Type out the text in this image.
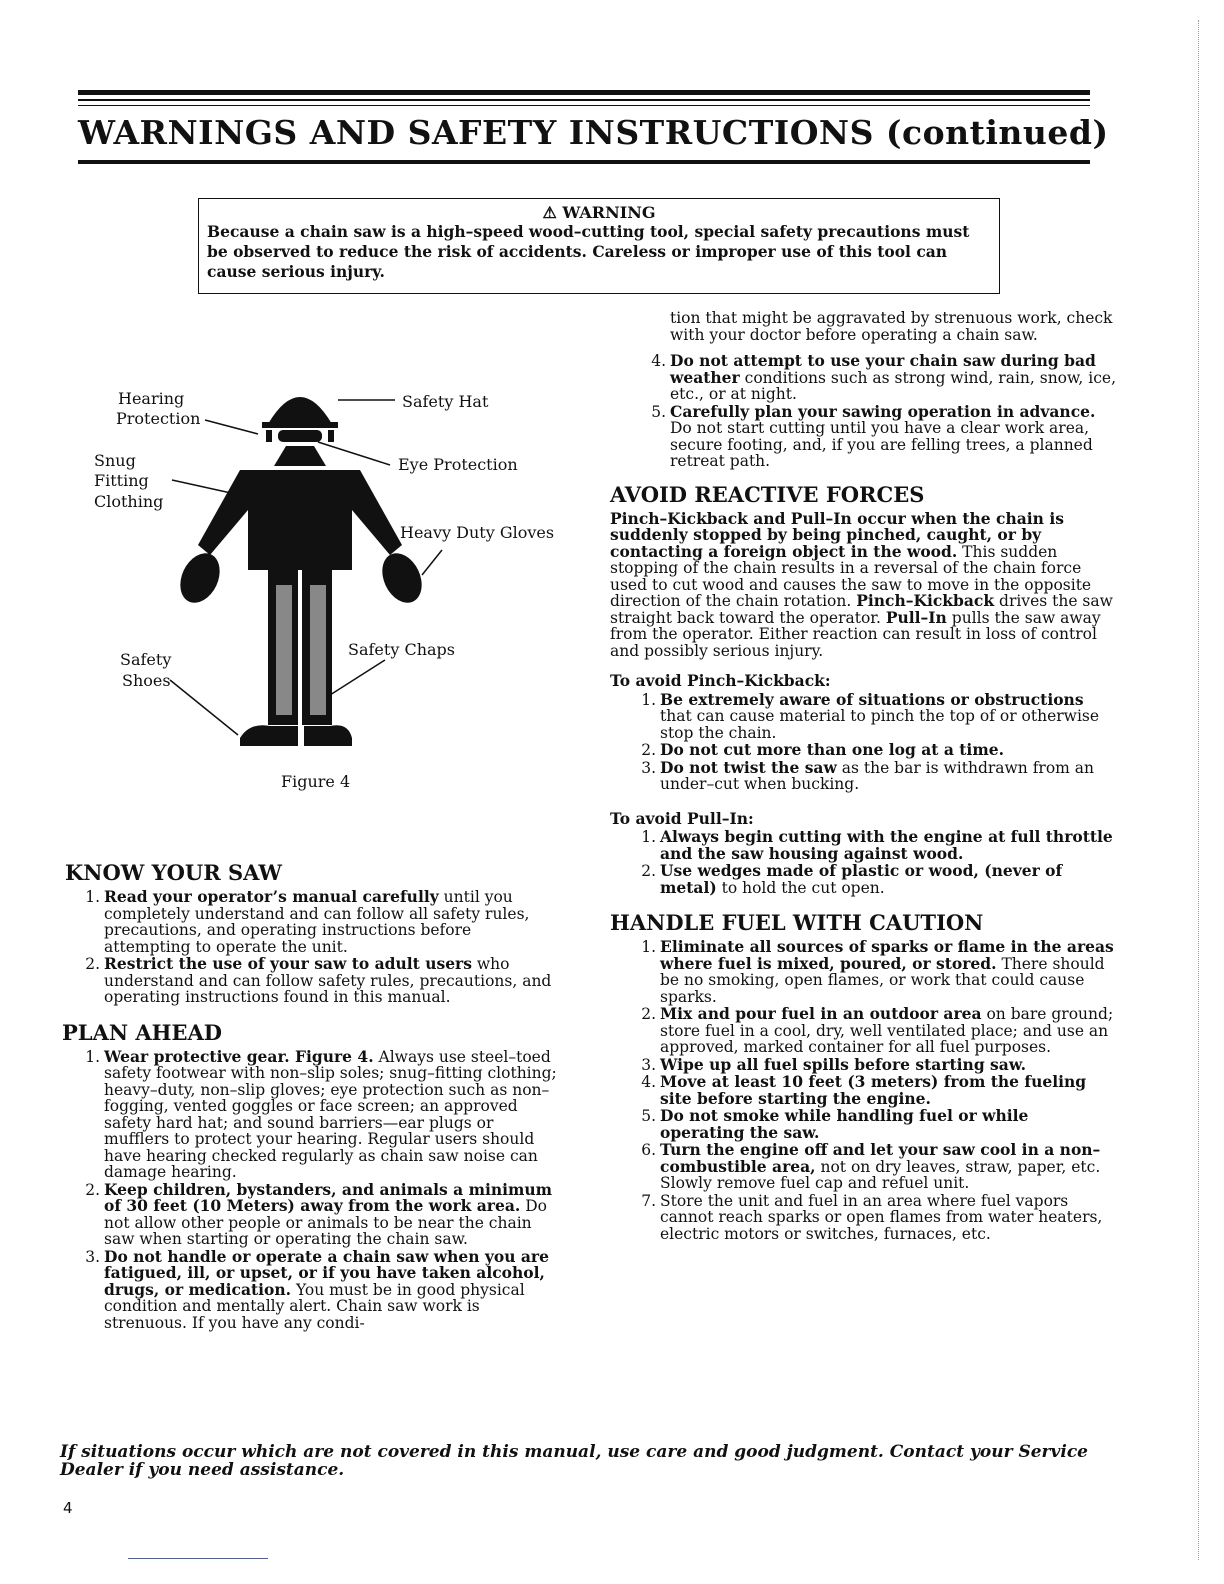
WARNINGS AND SAFETY INSTRUCTIONS (continued)
⚠ WARNING
Because a chain saw is a high–speed wood–cutting tool, special safety precautions must be observed to reduce the risk of accidents. Careless or improper use of this tool can cause serious injury.
Hearing
Protection
Safety Hat
Snug
Fitting
Clothing
Eye Protection
Heavy Duty Gloves
Safety
Shoes
Safety Chaps
Figure 4
KNOW YOUR SAW
1. Read your operator’s manual carefully until you completely understand and can follow all safety rules, precautions, and operating instructions before attempting to operate the unit.
2. Restrict the use of your saw to adult users who understand and can follow safety rules, precautions, and operating instructions found in this manual.
PLAN AHEAD
1. Wear protective gear. Figure 4. Always use steel–toed safety footwear with non–slip soles; snug–fitting clothing; heavy–duty, non–slip gloves; eye protection such as non–fogging, vented goggles or face screen; an approved safety hard hat; and sound barriers—ear plugs or mufflers to protect your hearing. Regular users should have hearing checked regularly as chain saw noise can damage hearing.
2. Keep children, bystanders, and animals a minimum of 30 feet (10 Meters) away from the work area. Do not allow other people or animals to be near the chain saw when starting or operating the chain saw.
3. Do not handle or operate a chain saw when you are fatigued, ill, or upset, or if you have taken alcohol, drugs, or medication. You must be in good physical condition and mentally alert. Chain saw work is strenuous. If you have any condi-
tion that might be aggravated by strenuous work, check with your doctor before operating a chain saw.
4. Do not attempt to use your chain saw during bad weather conditions such as strong wind, rain, snow, ice, etc., or at night.
5. Carefully plan your sawing operation in advance. Do not start cutting until you have a clear work area, secure footing, and, if you are felling trees, a planned retreat path.
AVOID REACTIVE FORCES
Pinch–Kickback and Pull–In occur when the chain is suddenly stopped by being pinched, caught, or by contacting a foreign object in the wood. This sudden stopping of the chain results in a reversal of the chain force used to cut wood and causes the saw to move in the opposite direction of the chain rotation. Pinch–Kickback drives the saw straight back toward the operator. Pull–In pulls the saw away from the operator. Either reaction can result in loss of control and possibly serious injury.
To avoid Pinch–Kickback:
1. Be extremely aware of situations or obstructions that can cause material to pinch the top of or otherwise stop the chain.
2. Do not cut more than one log at a time.
3. Do not twist the saw as the bar is withdrawn from an under–cut when bucking.
To avoid Pull–In:
1. Always begin cutting with the engine at full throttle and the saw housing against wood.
2. Use wedges made of plastic or wood, (never of metal) to hold the cut open.
HANDLE FUEL WITH CAUTION
1. Eliminate all sources of sparks or flame in the areas where fuel is mixed, poured, or stored. There should be no smoking, open flames, or work that could cause sparks.
2. Mix and pour fuel in an outdoor area on bare ground; store fuel in a cool, dry, well ventilated place; and use an approved, marked container for all fuel purposes.
3. Wipe up all fuel spills before starting saw.
4. Move at least 10 feet (3 meters) from the fueling site before starting the engine.
5. Do not smoke while handling fuel or while operating the saw.
6. Turn the engine off and let your saw cool in a non–combustible area, not on dry leaves, straw, paper, etc. Slowly remove fuel cap and refuel unit.
7. Store the unit and fuel in an area where fuel vapors cannot reach sparks or open flames from water heaters, electric motors or switches, furnaces, etc.
If situations occur which are not covered in this manual, use care and good judgment. Contact your Service Dealer if you need assistance.
4
